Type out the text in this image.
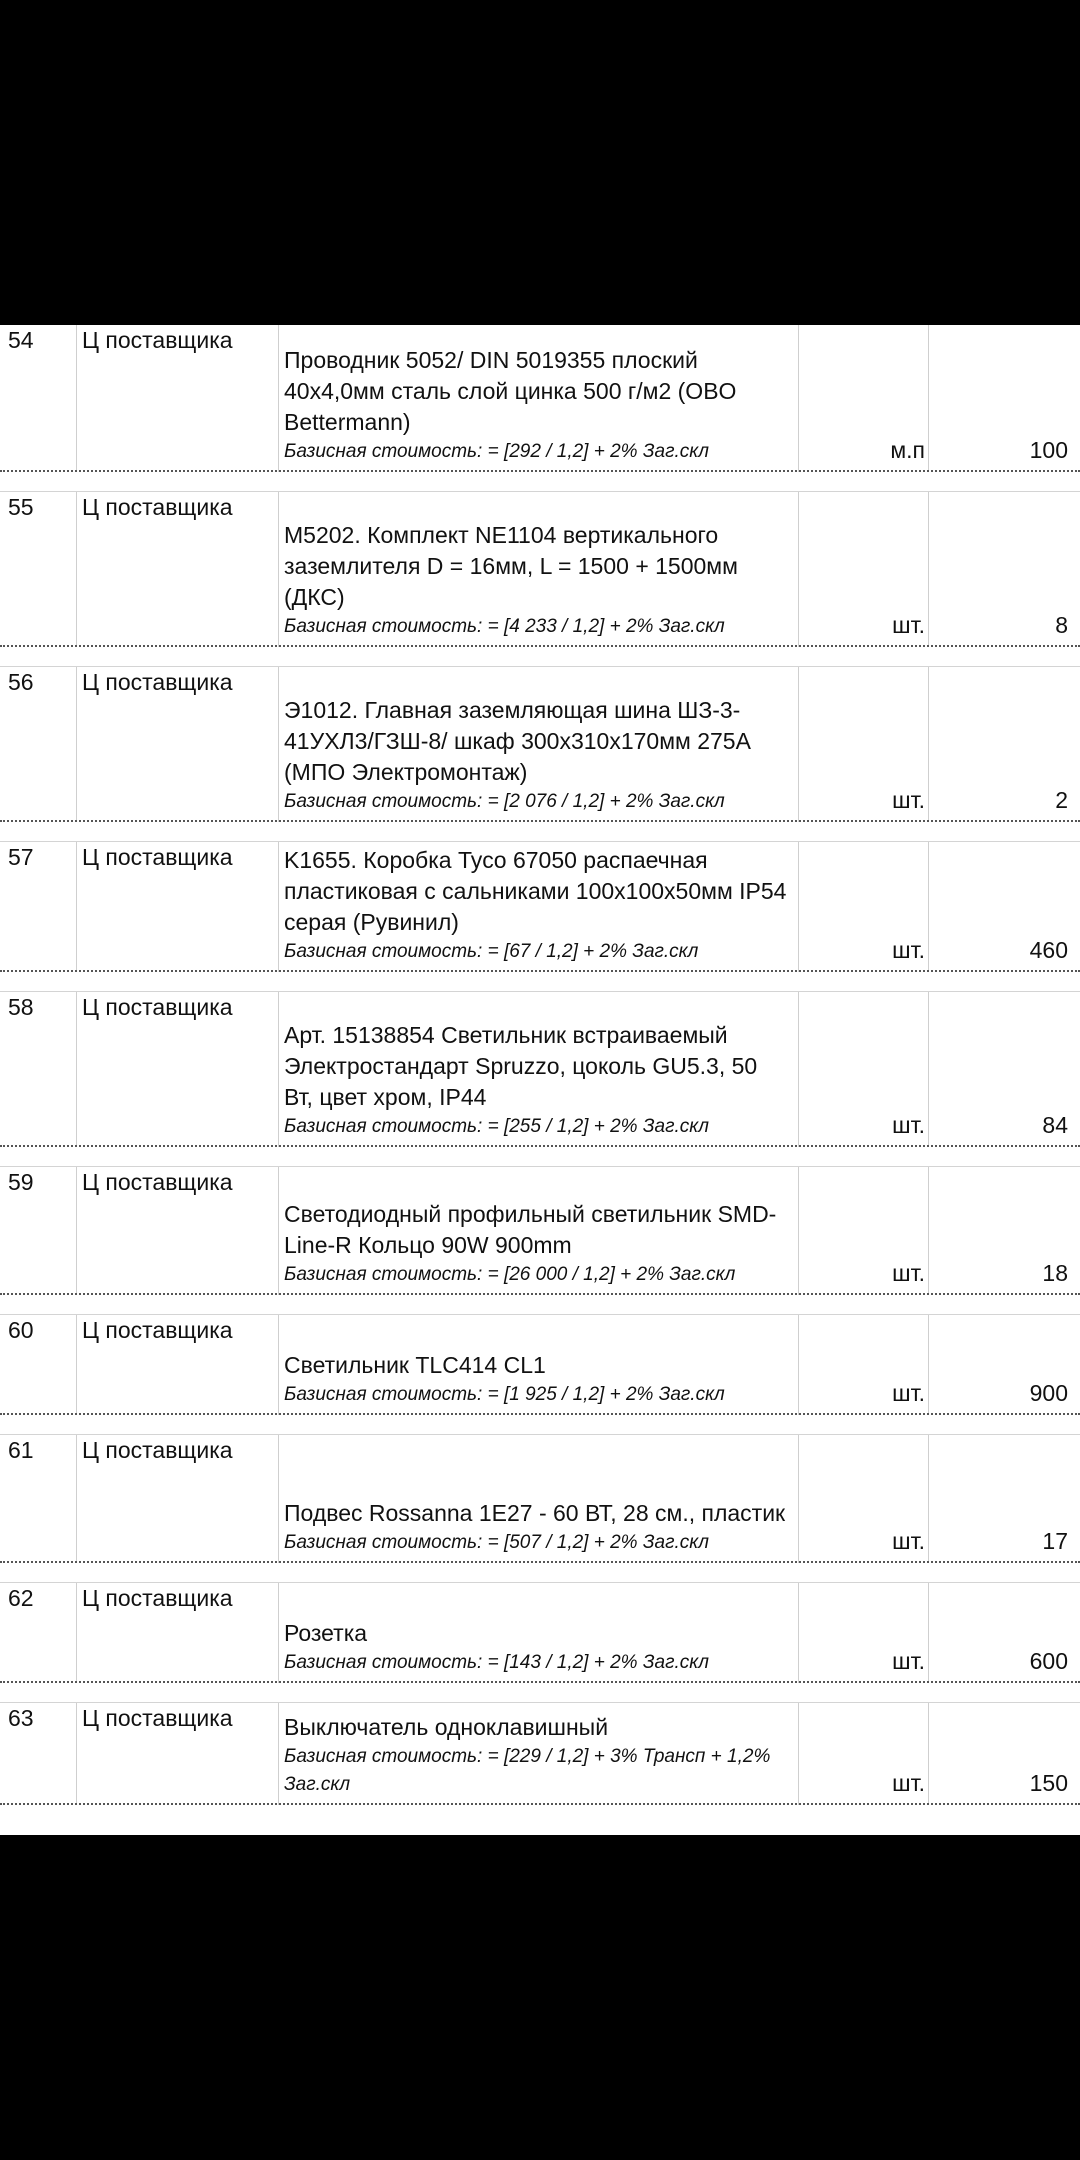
54 Ц поставщика
Проводник 5052/ DIN 5019355 плоский 40х4,0мм сталь слой цинка 500 г/м2 (OBO Bettermann)
Базисная стоимость: = [292 / 1,2] + 2% Заг.скл	м.п	100
55 Ц поставщика
M5202. Комплект NE1104 вертикального заземлителя D = 16мм, L = 1500 + 1500мм (ДКС)
Базисная стоимость: = [4 233 / 1,2] + 2% Заг.скл	шт.	8
56 Ц поставщика
Э1012. Главная заземляющая шина ШЗ-3-41УХЛ3/ГЗШ-8/ шкаф 300х310х170мм 275А (МПО Электромонтаж)
Базисная стоимость: = [2 076 / 1,2] + 2% Заг.скл	шт.	2
57 Ц поставщика K1655. Коробка Tyco 67050 распаечная пластиковая с сальниками 100х100х50мм IP54 серая (Рувинил)
Базисная стоимость: = [67 / 1,2] + 2% Заг.скл	шт.	460
58 Ц поставщика
Арт. 15138854 Светильник встраиваемый Электростандарт Spruzzo, цоколь GU5.3, 50 Вт, цвет хром, IP44
Базисная стоимость: = [255 / 1,2] + 2% Заг.скл	шт.	84
59 Ц поставщика
Светодиодный профильный светильник SMD-Line-R Кольцо 90W 900mm
Базисная стоимость: = [26 000 / 1,2] + 2% Заг.скл	шт.	18
60 Ц поставщика
Светильник TLC414 CL1
Базисная стоимость: = [1 925 / 1,2] + 2% Заг.скл	шт.	900
61 Ц поставщика
Подвес Rossanna 1E27 - 60 ВТ, 28 см., пластик
Базисная стоимость: = [507 / 1,2] + 2% Заг.скл	шт.	17
62 Ц поставщика
Розетка
Базисная стоимость: = [143 / 1,2] + 2% Заг.скл	шт.	600
63 Ц поставщика Выключатель одноклавишный
Базисная стоимость: = [229 / 1,2] + 3% Трансп + 1,2% Заг.скл	шт.	150
